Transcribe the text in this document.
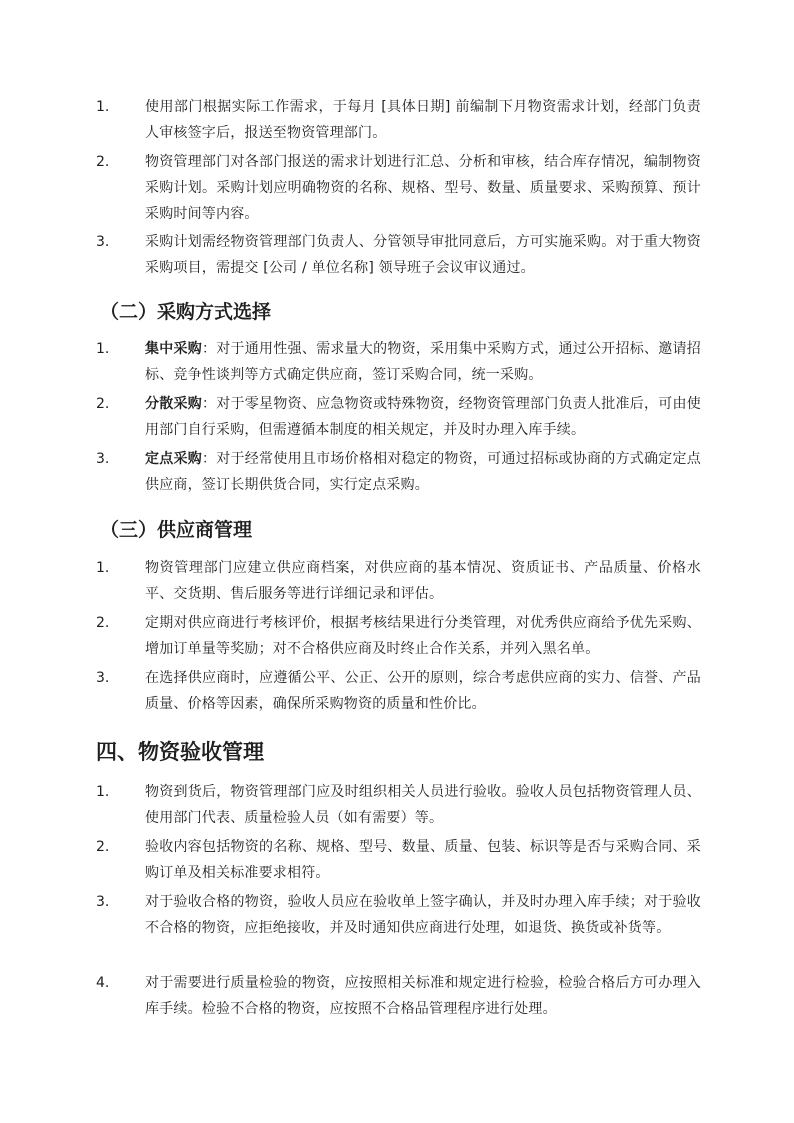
1.	使用部门根据实际工作需求，于每月 [具体日期] 前编制下月物资需求计划，经部门负责人审核签字后，报送至物资管理部门。
2.	物资管理部门对各部门报送的需求计划进行汇总、分析和审核，结合库存情况，编制物资采购计划。采购计划应明确物资的名称、规格、型号、数量、质量要求、采购预算、预计采购时间等内容。
3.	采购计划需经物资管理部门负责人、分管领导审批同意后，方可实施采购。对于重大物资采购项目，需提交 [公司 / 单位名称] 领导班子会议审议通过。
（二）采购方式选择
1.	集中采购：对于通用性强、需求量大的物资，采用集中采购方式，通过公开招标、邀请招标、竞争性谈判等方式确定供应商，签订采购合同，统一采购。
2.	分散采购：对于零星物资、应急物资或特殊物资，经物资管理部门负责人批准后，可由使用部门自行采购，但需遵循本制度的相关规定，并及时办理入库手续。
3.	定点采购：对于经常使用且市场价格相对稳定的物资，可通过招标或协商的方式确定定点供应商，签订长期供货合同，实行定点采购。
（三）供应商管理
1.	物资管理部门应建立供应商档案，对供应商的基本情况、资质证书、产品质量、价格水平、交货期、售后服务等进行详细记录和评估。
2.	定期对供应商进行考核评价，根据考核结果进行分类管理，对优秀供应商给予优先采购、增加订单量等奖励；对不合格供应商及时终止合作关系，并列入黑名单。
3.	在选择供应商时，应遵循公平、公正、公开的原则，综合考虑供应商的实力、信誉、产品质量、价格等因素，确保所采购物资的质量和性价比。
四、物资验收管理
1.	物资到货后，物资管理部门应及时组织相关人员进行验收。验收人员包括物资管理人员、使用部门代表、质量检验人员（如有需要）等。
2.	验收内容包括物资的名称、规格、型号、数量、质量、包装、标识等是否与采购合同、采购订单及相关标准要求相符。
3.	对于验收合格的物资，验收人员应在验收单上签字确认，并及时办理入库手续；对于验收不合格的物资，应拒绝接收，并及时通知供应商进行处理，如退货、换货或补货等。
4.	对于需要进行质量检验的物资，应按照相关标准和规定进行检验，检验合格后方可办理入库手续。检验不合格的物资，应按照不合格品管理程序进行处理。
